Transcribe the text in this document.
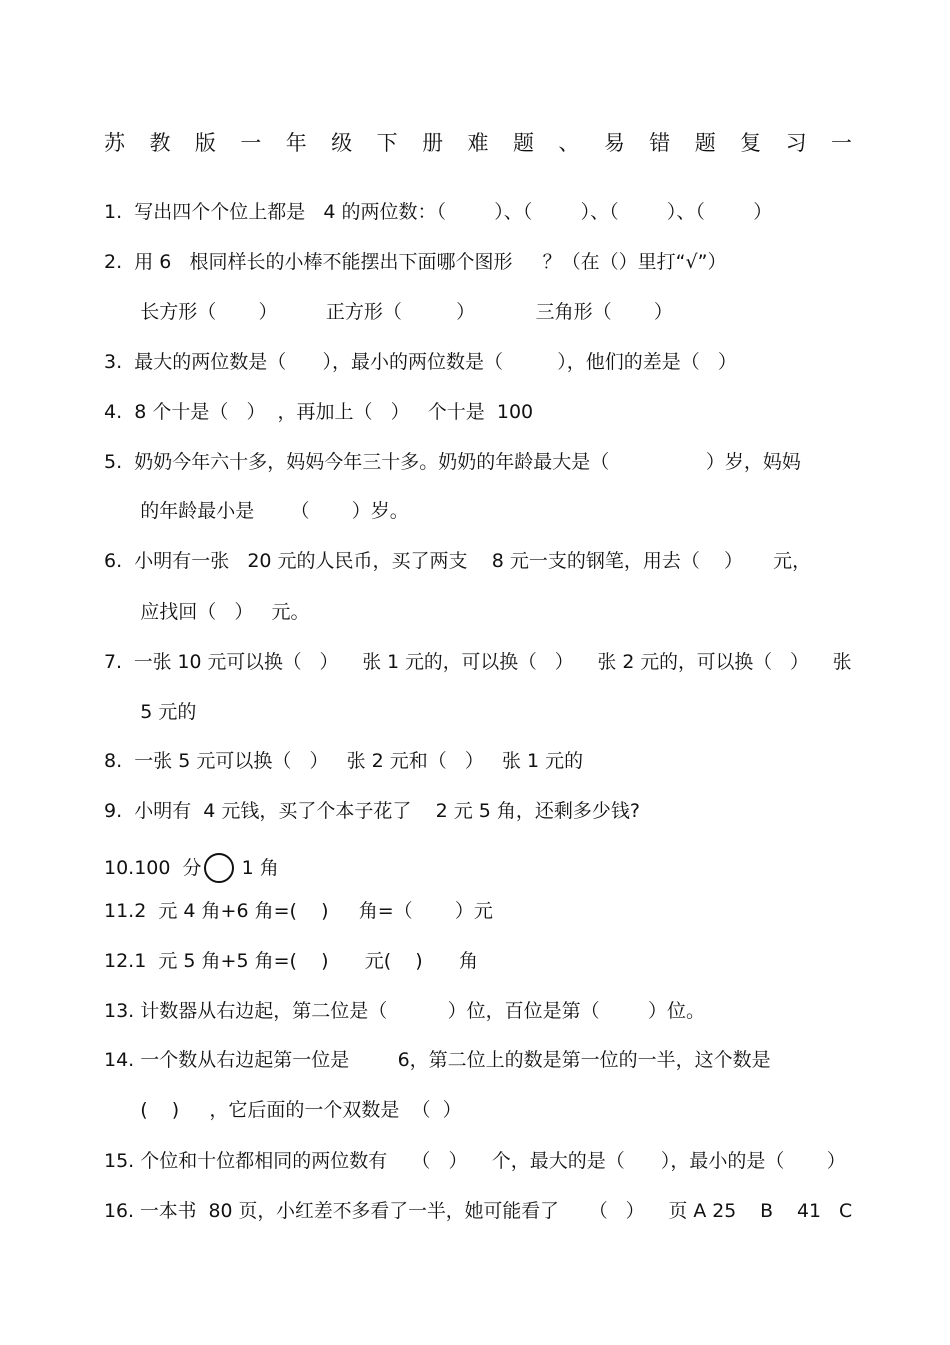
苏 教 版 一 年 级 下 册 难 题 、 易 错 题 复 习 一
1.  写出四个个位上都是   4 的两位数：（        ）、（        ）、（        ）、（        ）
2.  用 6   根同样长的小棒不能摆出下面哪个图形     ？（在（）里打“√”）
长方形（       ）        正方形（         ）          三角形（       ）
3.  最大的两位数是（      ），最小的两位数是（         ），他们的差是（   ）
4.  8 个十是（   ）  ，再加上（   ）   个十是  100
5.  奶奶今年六十多，妈妈今年三十多。奶奶的年龄最大是（                ）岁，妈妈
的年龄最小是      （       ）岁。
6.  小明有一张   20 元的人民币，买了两支    8 元一支的钢笔，用去（    ）     元，
应找回（   ）   元。
7.  一张 10 元可以换（   ）    张 1 元的，可以换（   ）    张 2 元的，可以换（   ）    张
5 元的
8.  一张 5 元可以换（   ）   张 2 元和（   ）   张 1 元的
9.  小明有  4 元钱，买了个本子花了    2 元 5 角，还剩多少钱?
10.100  分 1 角
11.2  元 4 角+6 角=(    )     角=（       ）元
12.1  元 5 角+5 角=(    )      元(    )      角
13. 计数器从右边起，第二位是（          ）位，百位是第（        ）位。
14. 一个数从右边起第一位是        6，第二位上的数是第一位的一半，这个数是
(    )     ，它后面的一个双数是  （  ）
15. 个位和十位都相同的两位数有    （   ）    个，最大的是（      ），最小的是（       ）
16. 一本书  80 页，小红差不多看了一半，她可能看了     （   ）    页 A 25    B    41   C
